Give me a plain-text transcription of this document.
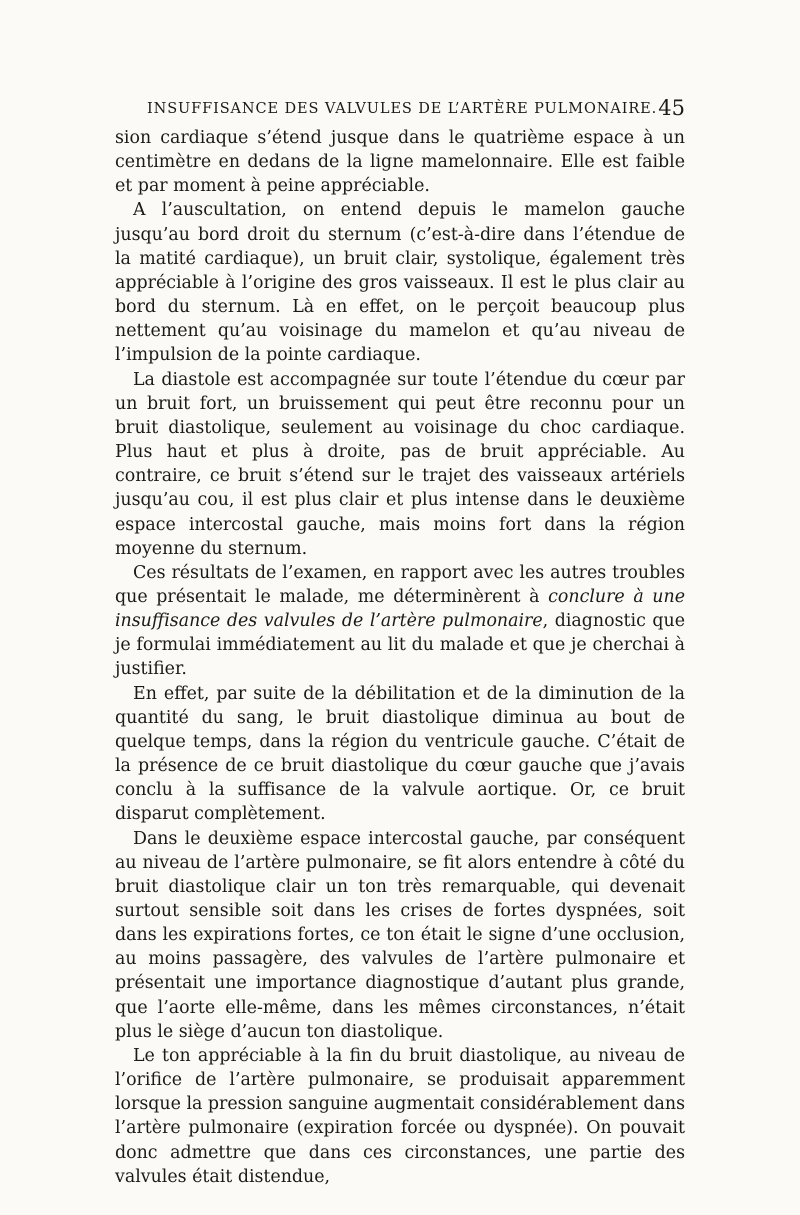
INSUFFISANCE DES VALVULES DE L’ARTÈRE PULMONAIRE. 45

sion cardiaque s’étend jusque dans le quatrième espace à un centimètre en dedans de la ligne mamelonnaire. Elle est faible et par moment à peine appréciable.

A l’auscultation, on entend depuis le mamelon gauche jusqu’au bord droit du sternum (c’est-à-dire dans l’étendue de la matité cardiaque), un bruit clair, systolique, également très appréciable à l’origine des gros vaisseaux. Il est le plus clair au bord du sternum. Là en effet, on le perçoit beaucoup plus nettement qu’au voisinage du mamelon et qu’au niveau de l’impulsion de la pointe cardiaque.

La diastole est accompagnée sur toute l’étendue du cœur par un bruit fort, un bruissement qui peut être reconnu pour un bruit diastolique, seulement au voisinage du choc cardiaque. Plus haut et plus à droite, pas de bruit appréciable. Au contraire, ce bruit s’étend sur le trajet des vaisseaux artériels jusqu’au cou, il est plus clair et plus intense dans le deuxième espace intercostal gauche, mais moins fort dans la région moyenne du sternum.

Ces résultats de l’examen, en rapport avec les autres troubles que présentait le malade, me déterminèrent à conclure à une insuffisance des valvules de l’artère pulmonaire, diagnostic que je formulai immédiatement au lit du malade et que je cherchai à justifier.

En effet, par suite de la débilitation et de la diminution de la quantité du sang, le bruit diastolique diminua au bout de quelque temps, dans la région du ventricule gauche. C’était de la présence de ce bruit diastolique du cœur gauche que j’avais conclu à la suffisance de la valvule aortique. Or, ce bruit disparut complètement.

Dans le deuxième espace intercostal gauche, par conséquent au niveau de l’artère pulmonaire, se fit alors entendre à côté du bruit diastolique clair un ton très remarquable, qui devenait surtout sensible soit dans les crises de fortes dyspnées, soit dans les expirations fortes, ce ton était le signe d’une occlusion, au moins passagère, des valvules de l’artère pulmonaire et présentait une importance diagnostique d’autant plus grande, que l’aorte elle-même, dans les mêmes circonstances, n’était plus le siège d’aucun ton diastolique.

Le ton appréciable à la fin du bruit diastolique, au niveau de l’orifice de l’artère pulmonaire, se produisait apparemment lorsque la pression sanguine augmentait considérablement dans l’artère pulmonaire (expiration forcée ou dyspnée). On pouvait donc admettre que dans ces circonstances, une partie des valvules était distendue,
